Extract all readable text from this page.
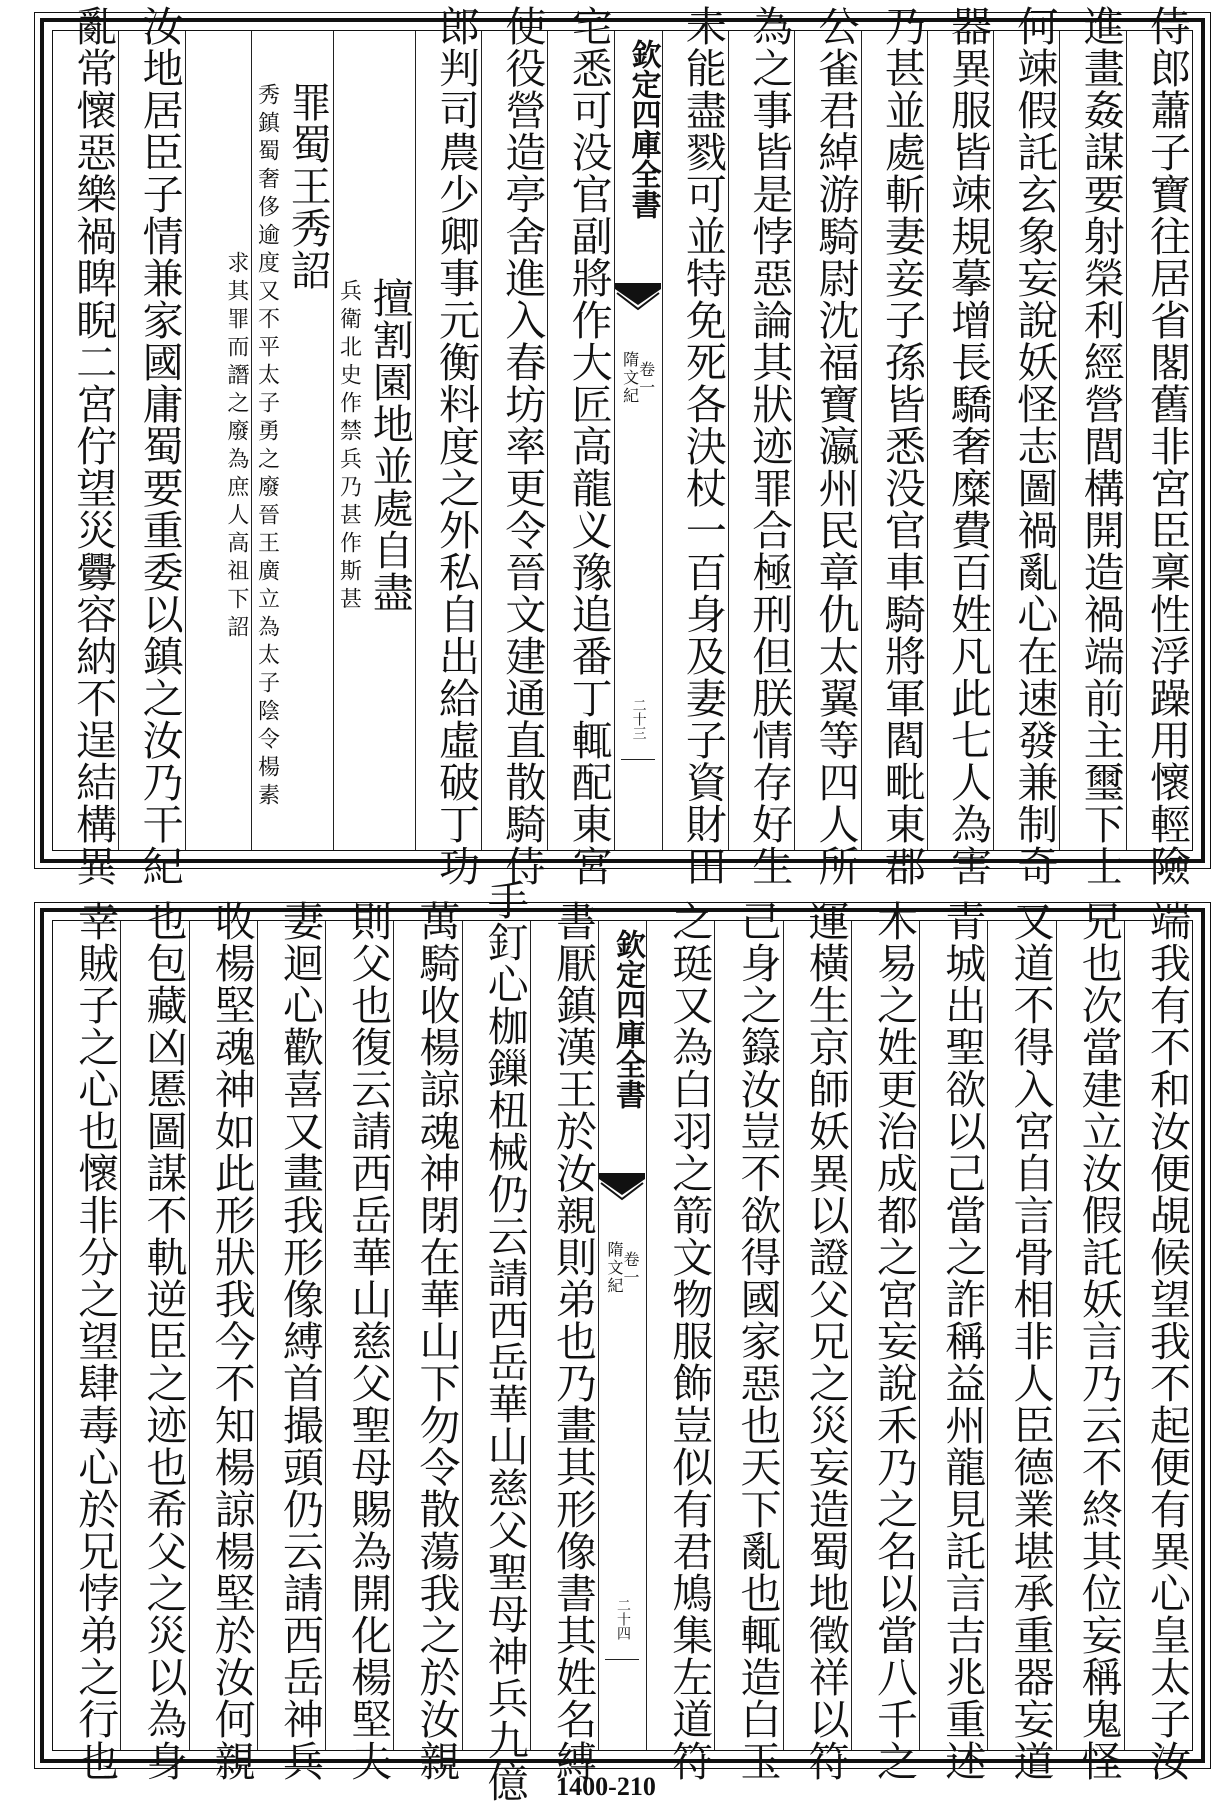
侍郎蕭子寶往居省閣舊非宮臣稟性浮躁用懷輕險
進畫姦謀要射榮利經營閭構開造禍端前主璽下士
何竦假託玄象妄說妖怪志圖禍亂心在速發兼制奇
器異服皆竦規摹增長驕奢糜費百姓凡此七人為害
乃甚並處斬妻妾子孫皆悉没官車騎將軍閻毗東郡
公雀君綽游騎尉沈福寶瀛州民章仇太翼等四人所
為之事皆是悖惡論其狀迹罪合極刑但朕情存好生
未能盡戮可並特免死各決杖一百身及妻子資財田
欽定四庫全書
隋文紀
卷一
二十三
宅悉可没官副將作大匠高龍义豫追番丁輒配東宮
使役營造亭舍進入春坊率更令晉文建通直散騎侍
郎判司農少卿事元衡料度之外私自出給虛破丁功
擅割園地並處自盡
兵衛北史作禁
兵乃甚作斯甚
罪蜀王秀詔
秀鎮蜀奢侈逾度又不平太子勇
之廢晉王廣立為太子陰令楊素
求其罪而譖之廢
為庶人高祖下詔
汝地居臣子情兼家國庸蜀要重委以鎮之汝乃干紀
亂常懷惡樂禍睥睨二宮佇望災釁容納不逞結構異
端我有不和汝便覘候望我不起便有異心皇太子汝
兄也次當建立汝假託妖言乃云不終其位妄稱鬼怪
又道不得入宮自言骨相非人臣德業堪承重器妄道
青城出聖欲以己當之詐稱益州龍見託言吉兆重述
木易之姓更治成都之宮妄說禾乃之名以當八千之
運橫生京師妖異以證父兄之災妄造蜀地徵祥以符
己身之籙汝豈不欲得國家惡也天下亂也輒造白玉
之珽又為白羽之箭文物服飾豈似有君鳩集左道符
欽定四庫全書
隋文紀
卷一
二十四
書厭鎮漢王於汝親則弟也乃畫其形像書其姓名縛
手釘心枷鏁杻械仍云請西岳華山慈父聖母神兵九億
萬騎收楊諒魂神閉在華山下勿令散蕩我之於汝親
則父也復云請西岳華山慈父聖母賜為開化楊堅夫
妻迴心歡喜又畫我形像縛首撮頭仍云請西岳神兵
收楊堅魂神如此形狀我今不知楊諒楊堅於汝何親
也包藏凶慝圖謀不軌逆臣之迹也希父之災以為身
幸賊子之心也懷非分之望肆毒心於兄悖弟之行也
1400-210
